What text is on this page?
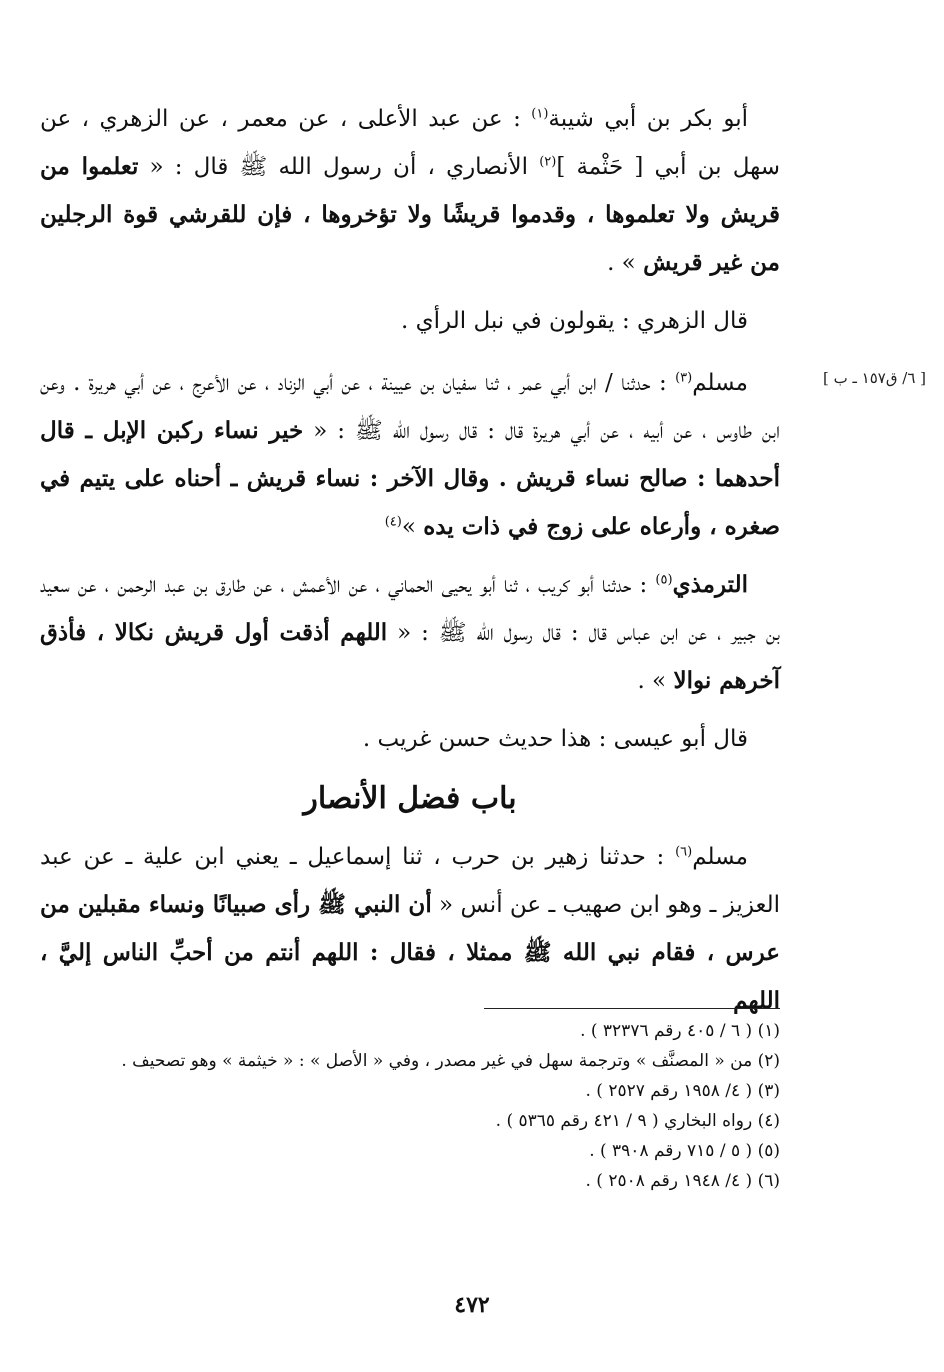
أبو بكر بن أبي شيبة$^{(١)}$ : عن عبد الأعلى ، عن معمر ، عن الزهري ، عن سهل بن أبي [ حَثْمة ]$^{(٢)}$ الأنصاري ، أن رسول الله ﷺ قال : « تعلموا من قريش ولا تعلموها ، وقدموا قريشًا ولا تؤخروها ، فإن للقرشي قوة الرجلين من غير قريش » .

قال الزهري : يقولون في نبل الرأي .

مسلم$^{(٣)}$ : حدثنا / ابن أبي عمر ، ثنا سفيان بن عيينة ، عن أبي الزناد ، عن الأعرج ، عن أبي هريرة . وعن ابن طاوس ، عن أبيه ، عن أبي هريرة قال : قال رسول الله ﷺ : « خير نساء ركبن الإبل ـ قال أحدهما : صالح نساء قريش . وقال الآخر : نساء قريش ـ أحناه على يتيم في صغره ، وأرعاه على زوج في ذات يده »$^{(٤)}$

الترمذي$^{(٥)}$ : حدثنا أبو كريب ، ثنا أبو يحيى الحماني ، عن الأعمش ، عن طارق بن عبد الرحمن ، عن سعيد بن جبير ، عن ابن عباس قال : قال رسول الله ﷺ : « اللهم أذقت أول قريش نكالا ، فأذق آخرهم نوالا » .

قال أبو عيسى : هذا حديث حسن غريب .

باب فضل الأنصار

مسلم$^{(٦)}$ : حدثنا زهير بن حرب ، ثنا إسماعيل ـ يعني ابن علية ـ عن عبد العزيز ـ وهو ابن صهيب ـ عن أنس « أن النبي ﷺ رأى صبيانًا ونساء مقبلين من عرس ، فقام نبي الله ﷺ ممثلا ، فقال : اللهم أنتم من أحبِّ الناس إليَّ ، اللهم

[ ٦/ ق١٥٧ ـ ب ]

(١) ( ٦ / ٤٠٥ رقم ٣٢٣٧٦ ) .

(٢) من « المصنَّف » وترجمة سهل في غير مصدر ، وفي « الأصل » : « خيثمة » وهو تصحيف .

(٣) ( ٤/ ١٩٥٨ رقم ٢٥٢٧ ) .

(٤) رواه البخاري ( ٩ / ٤٢١ رقم ٥٣٦٥ ) .

(٥) ( ٥ / ٧١٥ رقم ٣٩٠٨ ) .

(٦) ( ٤/ ١٩٤٨ رقم ٢٥٠٨ ) .

٤٧٢
